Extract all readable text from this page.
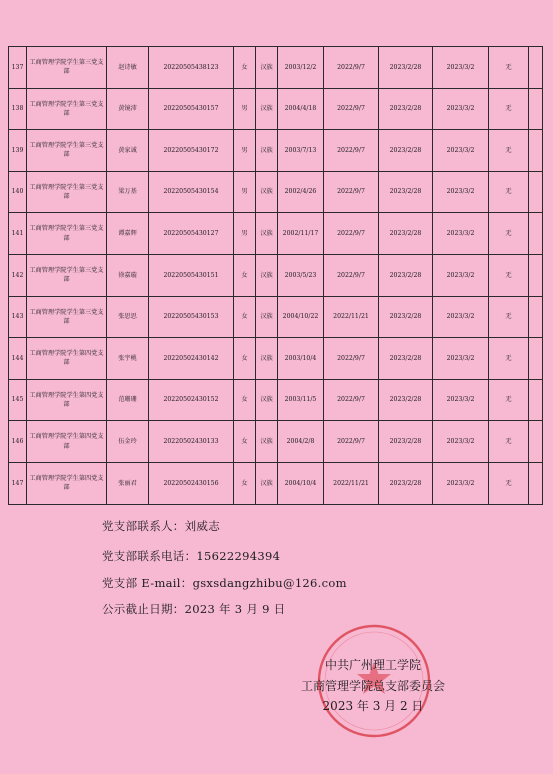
137	工商管理学院学生第三党支部	赵诗敏	20220505438123	女	汉族	2003/12/2	2022/9/7	2023/2/28	2023/3/2	无	
138	工商管理学院学生第三党支部	黄镜沛	20220505430157	男	汉族	2004/4/18	2022/9/7	2023/2/28	2023/3/2	无	
139	工商管理学院学生第三党支部	黄家诚	20220505430172	男	汉族	2003/7/13	2022/9/7	2023/2/28	2023/3/2	无	
140	工商管理学院学生第三党支部	梁万基	20220505430154	男	汉族	2002/4/26	2022/9/7	2023/2/28	2023/3/2	无	
141	工商管理学院学生第三党支部	谭嘉辉	20220505430127	男	汉族	2002/11/17	2022/9/7	2023/2/28	2023/3/2	无	
142	工商管理学院学生第三党支部	徐嘉璇	20220505430151	女	汉族	2003/5/23	2022/9/7	2023/2/28	2023/3/2	无	
143	工商管理学院学生第三党支部	张思思	20220505430153	女	汉族	2004/10/22	2022/11/21	2023/2/28	2023/3/2	无	
144	工商管理学院学生第四党支部	张宇桃	20220502430142	女	汉族	2003/10/4	2022/9/7	2023/2/28	2023/3/2	无	
145	工商管理学院学生第四党支部	范珊珊	20220502430152	女	汉族	2003/11/5	2022/9/7	2023/2/28	2023/3/2	无	
146	工商管理学院学生第四党支部	伍金玲	20220502430133	女	汉族	2004/2/8	2022/9/7	2023/2/28	2023/3/2	无	
147	工商管理学院学生第四党支部	张丽君	20220502430156	女	汉族	2004/10/4	2022/11/21	2023/2/28	2023/3/2	无	
党支部联系人：刘威志
党支部联系电话：15622294394
党支部 E-mail：gsxsdangzhibu@126.com
公示截止日期：2023 年 3 月 9 日
中共广州理工学院
工商管理学院总支部委员会
2023 年 3 月 2 日
